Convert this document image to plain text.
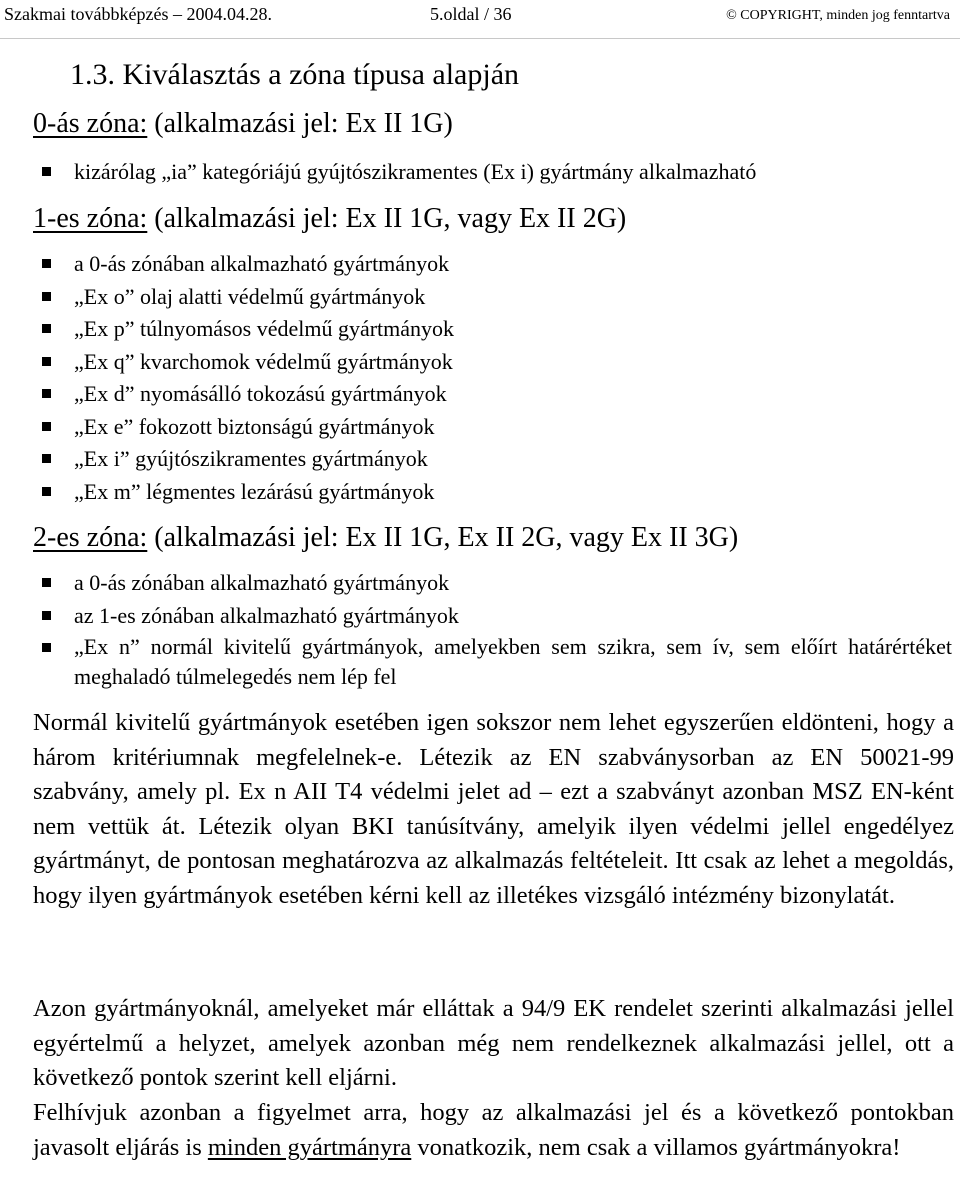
Szakmai továbbképzés – 2004.04.28.	5.oldal / 36	© COPYRIGHT, minden jog fenntartva
1.3. Kiválasztás a zóna típusa alapján
0-ás zóna: (alkalmazási jel: Ex II 1G)
kizárólag „ia” kategóriájú gyújtószikramentes (Ex i) gyártmány alkalmazható
1-es zóna: (alkalmazási jel: Ex II 1G, vagy Ex II 2G)
a 0-ás zónában alkalmazható gyártmányok
„Ex o” olaj alatti védelmű gyártmányok
„Ex p” túlnyomásos védelmű gyártmányok
„Ex q” kvarchomok védelmű gyártmányok
„Ex d” nyomásálló tokozású gyártmányok
„Ex e” fokozott biztonságú gyártmányok
„Ex i” gyújtószikramentes gyártmányok
„Ex m” légmentes lezárású gyártmányok
2-es zóna: (alkalmazási jel: Ex II 1G, Ex II 2G, vagy Ex II 3G)
a 0-ás zónában alkalmazható gyártmányok
az 1-es zónában alkalmazható gyártmányok
„Ex n” normál kivitelű gyártmányok, amelyekben sem szikra, sem ív, sem előírt határértéket meghaladó túlmelegedés nem lép fel

Normál kivitelű gyártmányok esetében igen sokszor nem lehet egyszerűen eldönteni, hogy a három kritériumnak megfelelnek-e. Létezik az EN szabványsorban az EN 50021-99 szabvány, amely pl. Ex n AII T4 védelmi jelet ad – ezt a szabványt azonban MSZ EN-ként nem vettük át. Létezik olyan BKI tanúsítvány, amelyik ilyen védelmi jellel engedélyez gyártmányt, de pontosan meghatározva az alkalmazás feltételeit. Itt csak az lehet a megoldás, hogy ilyen gyártmányok esetében kérni kell az illetékes vizsgáló intézmény bizonylatát.

Azon gyártmányoknál, amelyeket már elláttak a 94/9 EK rendelet szerinti alkalmazási jellel egyértelmű a helyzet, amelyek azonban még nem rendelkeznek alkalmazási jellel, ott a következő pontok szerint kell eljárni.

Felhívjuk azonban a figyelmet arra, hogy az alkalmazási jel és a következő pontokban javasolt eljárás is minden gyártmányra vonatkozik, nem csak a villamos gyártmányokra!
